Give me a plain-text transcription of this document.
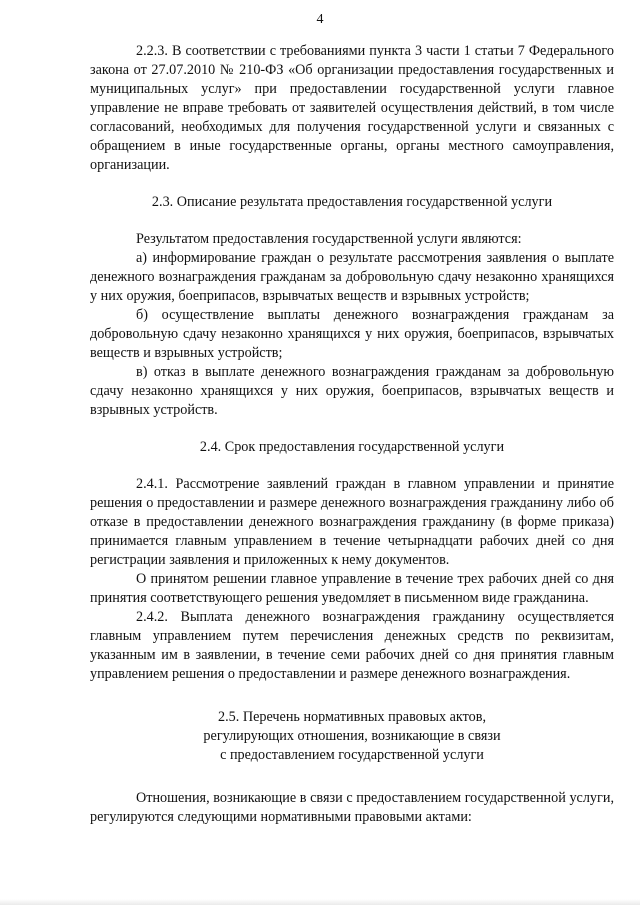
4

2.2.3. В соответствии с требованиями пункта 3 части 1 статьи 7 Федерального закона от 27.07.2010 № 210-ФЗ «Об организации предоставления государственных и муниципальных услуг» при предоставлении государственной услуги главное управление не вправе требовать от заявителей осуществления действий, в том числе согласований, необходимых для получения государственной услуги и связанных с обращением в иные государственные органы, органы местного самоуправления, организации.

2.3. Описание результата предоставления государственной услуги

Результатом предоставления государственной услуги являются:

а) информирование граждан о результате рассмотрения заявления о выплате денежного вознаграждения гражданам за добровольную сдачу незаконно хранящихся у них оружия, боеприпасов, взрывчатых веществ и взрывных устройств;

б) осуществление выплаты денежного вознаграждения гражданам за добровольную сдачу незаконно хранящихся у них оружия, боеприпасов, взрывчатых веществ и взрывных устройств;

в) отказ в выплате денежного вознаграждения гражданам за добровольную сдачу незаконно хранящихся у них оружия, боеприпасов, взрывчатых веществ и взрывных устройств.

2.4. Срок предоставления государственной услуги

2.4.1. Рассмотрение заявлений граждан в главном управлении и принятие решения о предоставлении и размере денежного вознаграждения гражданину либо об отказе в предоставлении денежного вознаграждения гражданину (в форме приказа) принимается главным управлением в течение четырнадцати рабочих дней со дня регистрации заявления и приложенных к нему документов.

О принятом решении главное управление в течение трех рабочих дней со дня принятия соответствующего решения уведомляет в письменном виде гражданина.

2.4.2. Выплата денежного вознаграждения гражданину осуществляется главным управлением путем перечисления денежных средств по реквизитам, указанным им в заявлении, в течение семи рабочих дней со дня принятия главным управлением решения о предоставлении и размере денежного вознаграждения.

2.5. Перечень нормативных правовых актов,
регулирующих отношения, возникающие в связи
с предоставлением государственной услуги

Отношения, возникающие в связи с предоставлением государственной услуги, регулируются следующими нормативными правовыми актами:
